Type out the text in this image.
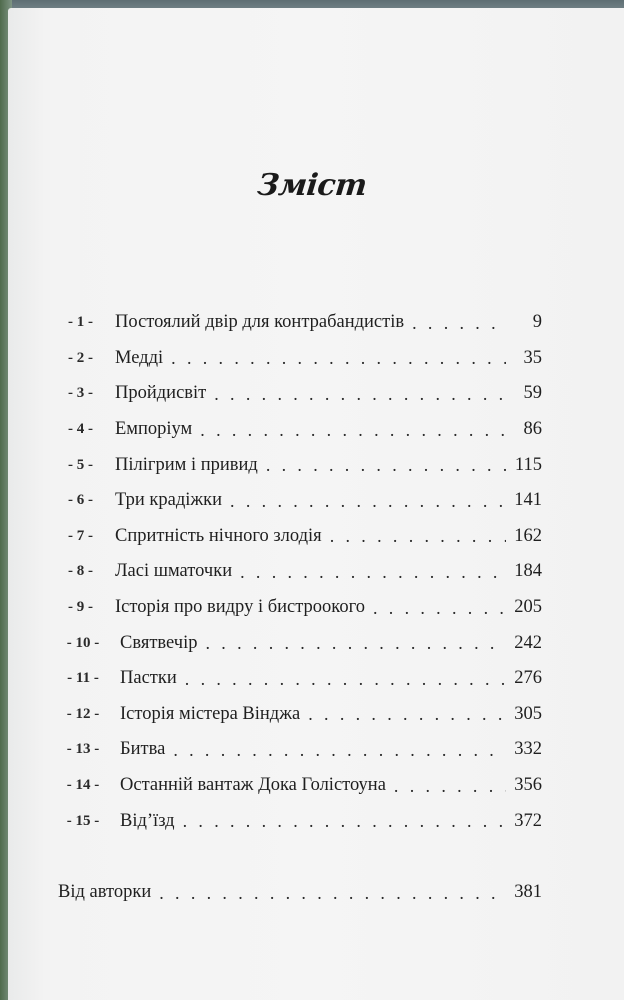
Зміст
- 1 -	Постоялий двір для контрабандистів . . .	9
- 2 -	Медді . . .	35
- 3 -	Пройдисвіт . . .	59
- 4 -	Емпоріум . . .	86
- 5 -	Пілігрим і привид . . .	115
- 6 -	Три крадіжки . . .	141
- 7 -	Спритність нічного злодія . . .	162
- 8 -	Ласі шматочки . . .	184
- 9 -	Історія про видру і бистроокого . . .	205
- 10 -	Святвечір . . .	242
- 11 -	Пастки . . .	276
- 12 -	Історія містера Вінджа . . .	305
- 13 -	Битва . . .	332
- 14 -	Останній вантаж Дока Голістоуна . . .	356
- 15 -	Від’їзд . . .	372
Від авторки . . .	381
